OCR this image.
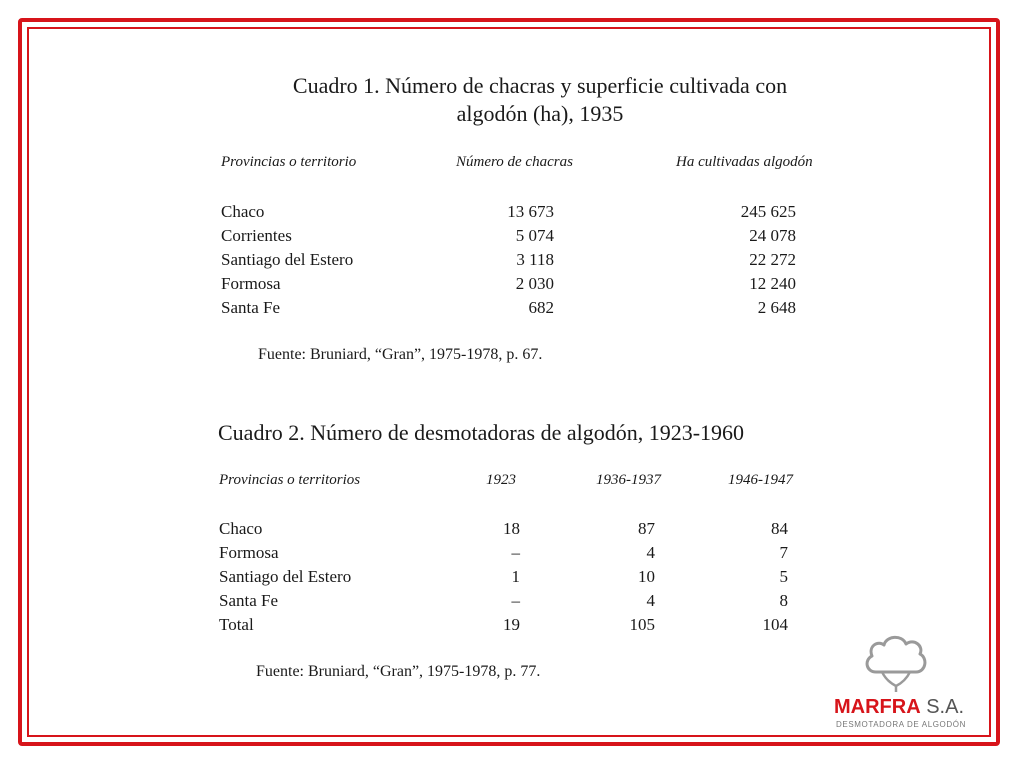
Cuadro 1. Número de chacras y superficie cultivada con
algodón (ha), 1935
Provincias o territorio	Número de chacras	Ha cultivadas algodón
Chaco	13 673	245 625
Corrientes	5 074	24 078
Santiago del Estero	3 118	22 272
Formosa	2 030	12 240
Santa Fe	682	2 648
Fuente: Bruniard, “Gran”, 1975-1978, p. 67.
Cuadro 2. Número de desmotadoras de algodón, 1923-1960
Provincias o territorios	1923	1936-1937	1946-1947
Chaco	18	87	84
Formosa	–	4	7
Santiago del Estero	1	10	5
Santa Fe	–	4	8
Total	19	105	104
Fuente: Bruniard, “Gran”, 1975-1978, p. 77.
MARFRA S.A.
DESMOTADORA DE ALGODÓN
